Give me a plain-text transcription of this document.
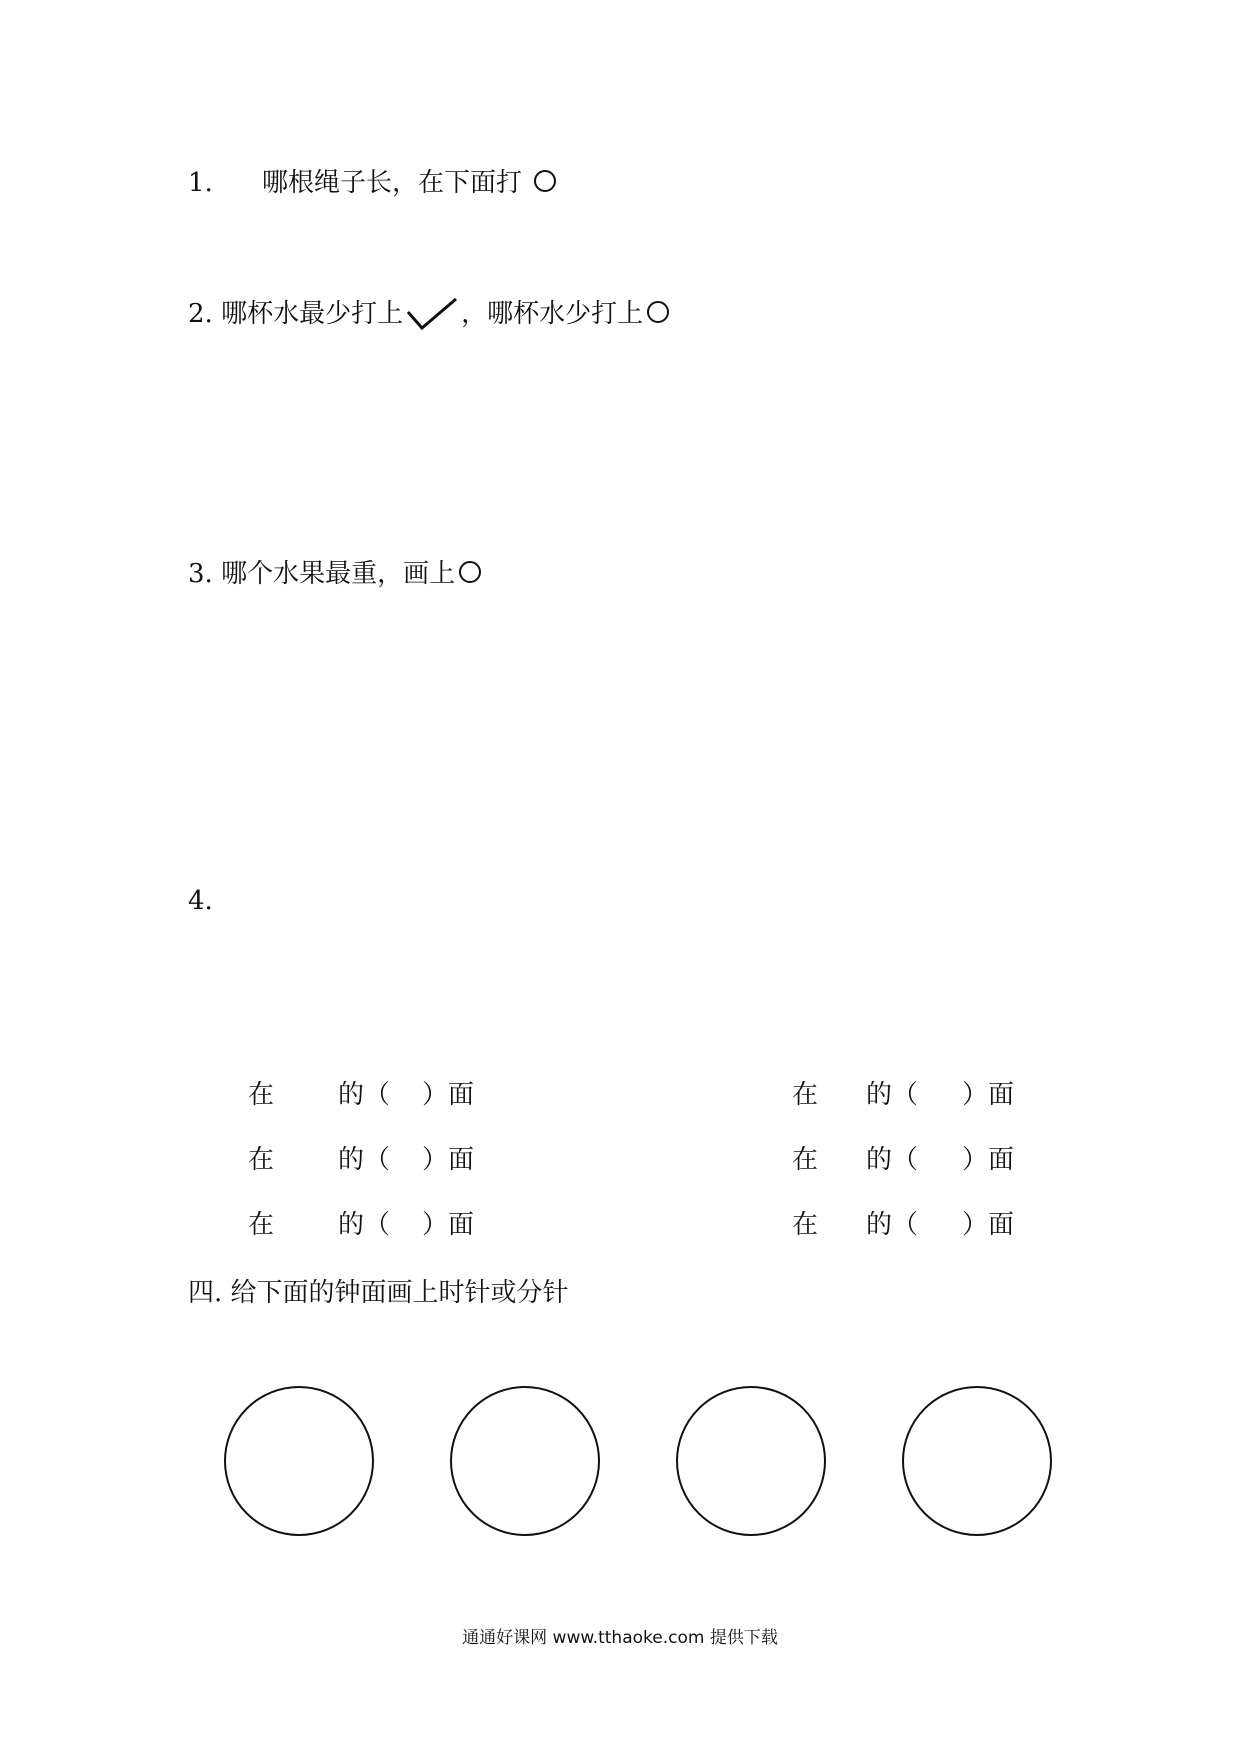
1. 哪根绳子长，在下面打
2. 哪杯水最少打上 ，哪杯水少打上
3. 哪个水果最重，画上
4.
在 的（ ）面	在 的（ ）面
在 的（ ）面	在 的（ ）面
在 的（ ）面	在 的（ ）面
四. 给下面的钟面画上时针或分针
通通好课网 www.tthaoke.com 提供下载
